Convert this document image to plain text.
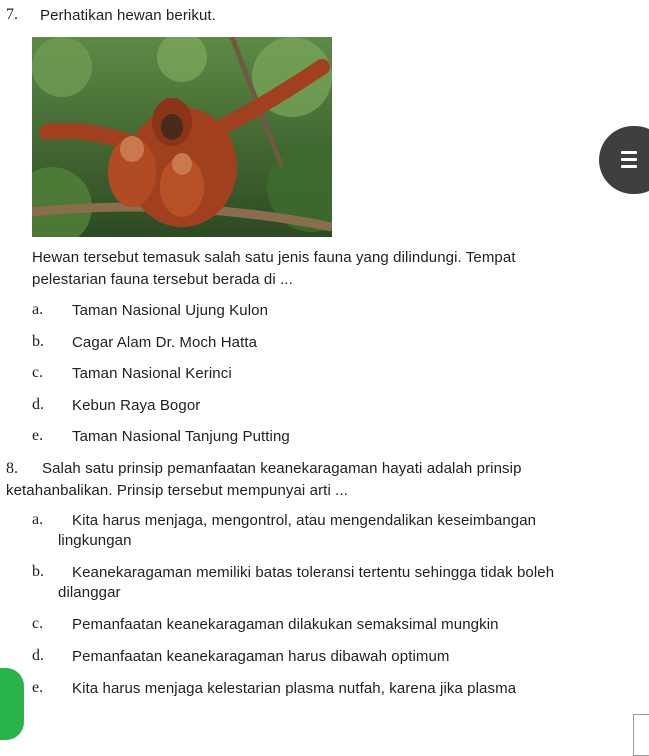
7. Perhatikan hewan berikut.
Hewan tersebut temasuk salah satu jenis fauna yang dilindungi. Tempat
pelestarian fauna tersebut berada di ...
a. Taman Nasional Ujung Kulon
b. Cagar Alam Dr. Moch Hatta
c. Taman Nasional Kerinci
d. Kebun Raya Bogor
e. Taman Nasional Tanjung Putting
8. Salah satu prinsip pemanfaatan keanekaragaman hayati adalah prinsip
ketahanbalikan. Prinsip tersebut mempunyai arti ...
a. Kita harus menjaga, mengontrol, atau mengendalikan keseimbangan
lingkungan
b. Keanekaragaman memiliki batas toleransi tertentu sehingga tidak boleh
dilanggar
c. Pemanfaatan keanekaragaman dilakukan semaksimal mungkin
d. Pemanfaatan keanekaragaman harus dibawah optimum
e. Kita harus menjaga kelestarian plasma nutfah, karena jika plasma
